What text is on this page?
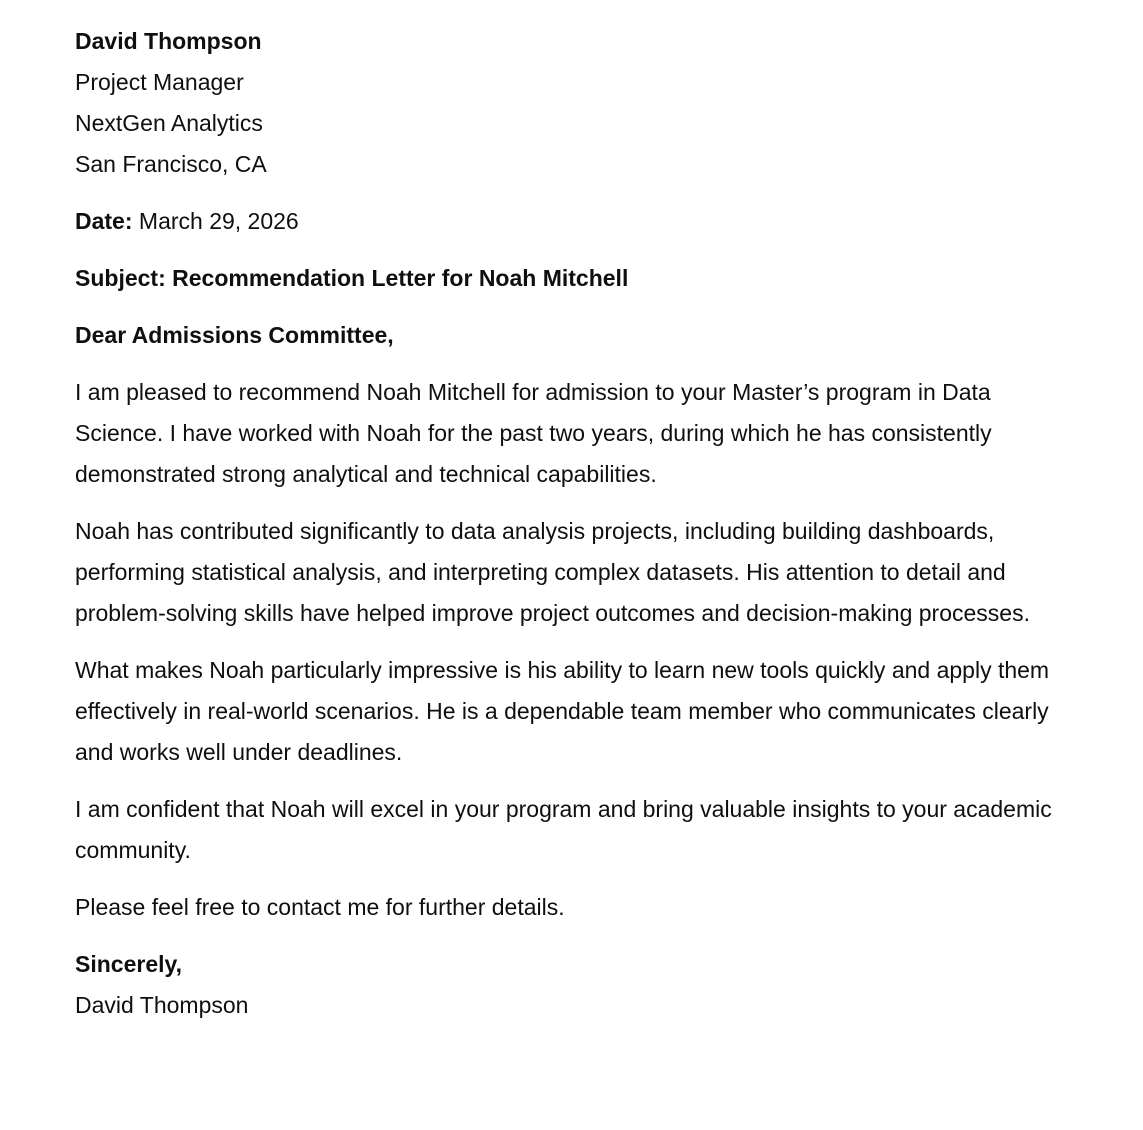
David Thompson
Project Manager
NextGen Analytics
San Francisco, CA
Date: March 29, 2026
Subject: Recommendation Letter for Noah Mitchell
Dear Admissions Committee,
I am pleased to recommend Noah Mitchell for admission to your Master’s program in Data Science. I have worked with Noah for the past two years, during which he has consistently demonstrated strong analytical and technical capabilities.
Noah has contributed significantly to data analysis projects, including building dashboards, performing statistical analysis, and interpreting complex datasets. His attention to detail and problem-solving skills have helped improve project outcomes and decision-making processes.
What makes Noah particularly impressive is his ability to learn new tools quickly and apply them effectively in real-world scenarios. He is a dependable team member who communicates clearly and works well under deadlines.
I am confident that Noah will excel in your program and bring valuable insights to your academic community.
Please feel free to contact me for further details.
Sincerely,
David Thompson
